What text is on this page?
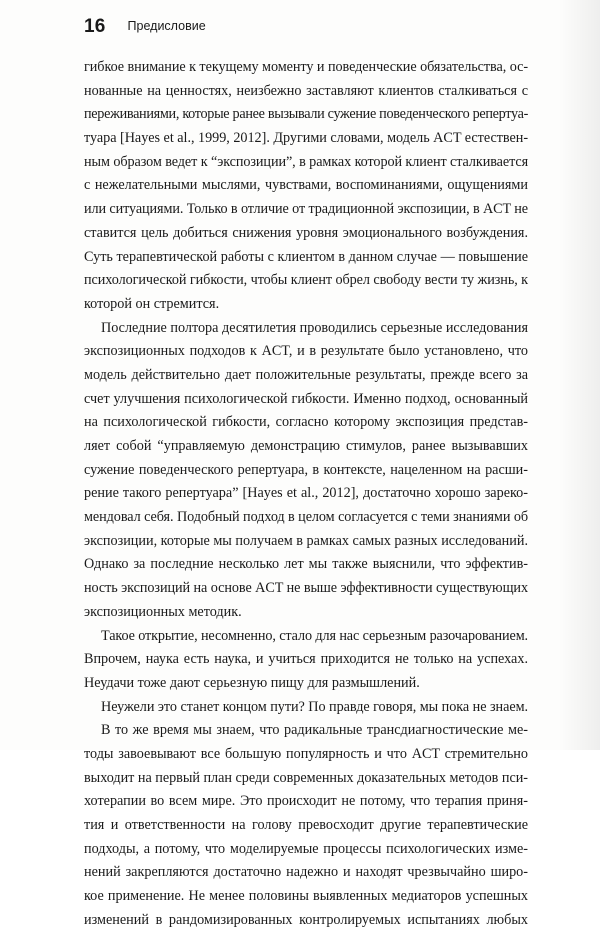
16 Предисловие
гибкое внимание к текущему моменту и поведенческие обязательства, ос-
нованные на ценностях, неизбежно заставляют клиентов сталкиваться с
переживаниями, которые ранее вызывали сужение поведенческого репертуа-
туара [Hayes et al., 1999, 2012]. Другими словами, модель ACT естествен-
ным образом ведет к “экспозиции”, в рамках которой клиент сталкивается
с нежелательными мыслями, чувствами, воспоминаниями, ощущениями
или ситуациями. Только в отличие от традиционной экспозиции, в ACT не
ставится цель добиться снижения уровня эмоционального возбуждения.
Суть терапевтической работы с клиентом в данном случае — повышение
психологической гибкости, чтобы клиент обрел свободу вести ту жизнь, к
которой он стремится.
Последние полтора десятилетия проводились серьезные исследования
экспозиционных подходов к ACT, и в результате было установлено, что
модель действительно дает положительные результаты, прежде всего за
счет улучшения психологической гибкости. Именно подход, основанный
на психологической гибкости, согласно которому экспозиция представ-
ляет собой “управляемую демонстрацию стимулов, ранее вызывавших
сужение поведенческого репертуара, в контексте, нацеленном на расши-
рение такого репертуара” [Hayes et al., 2012], достаточно хорошо зареко-
мендовал себя. Подобный подход в целом согласуется с теми знаниями об
экспозиции, которые мы получаем в рамках самых разных исследований.
Однако за последние несколько лет мы также выяснили, что эффектив-
ность экспозиций на основе ACT не выше эффективности существующих
экспозиционных методик.
Такое открытие, несомненно, стало для нас серьезным разочарованием.
Впрочем, наука есть наука, и учиться приходится не только на успехах.
Неудачи тоже дают серьезную пищу для размышлений.
Неужели это станет концом пути? По правде говоря, мы пока не знаем.
В то же время мы знаем, что радикальные трансдиагностические ме-
тоды завоевывают все большую популярность и что ACT стремительно
выходит на первый план среди современных доказательных методов пси-
хотерапии во всем мире. Это происходит не потому, что терапия приня-
тия и ответственности на голову превосходит другие терапевтические
подходы, а потому, что моделируемые процессы психологических изме-
нений закрепляются достаточно надежно и находят чрезвычайно широ-
кое применение. Не менее половины выявленных медиаторов успешных
изменений в рандомизированных контролируемых испытаниях любых
